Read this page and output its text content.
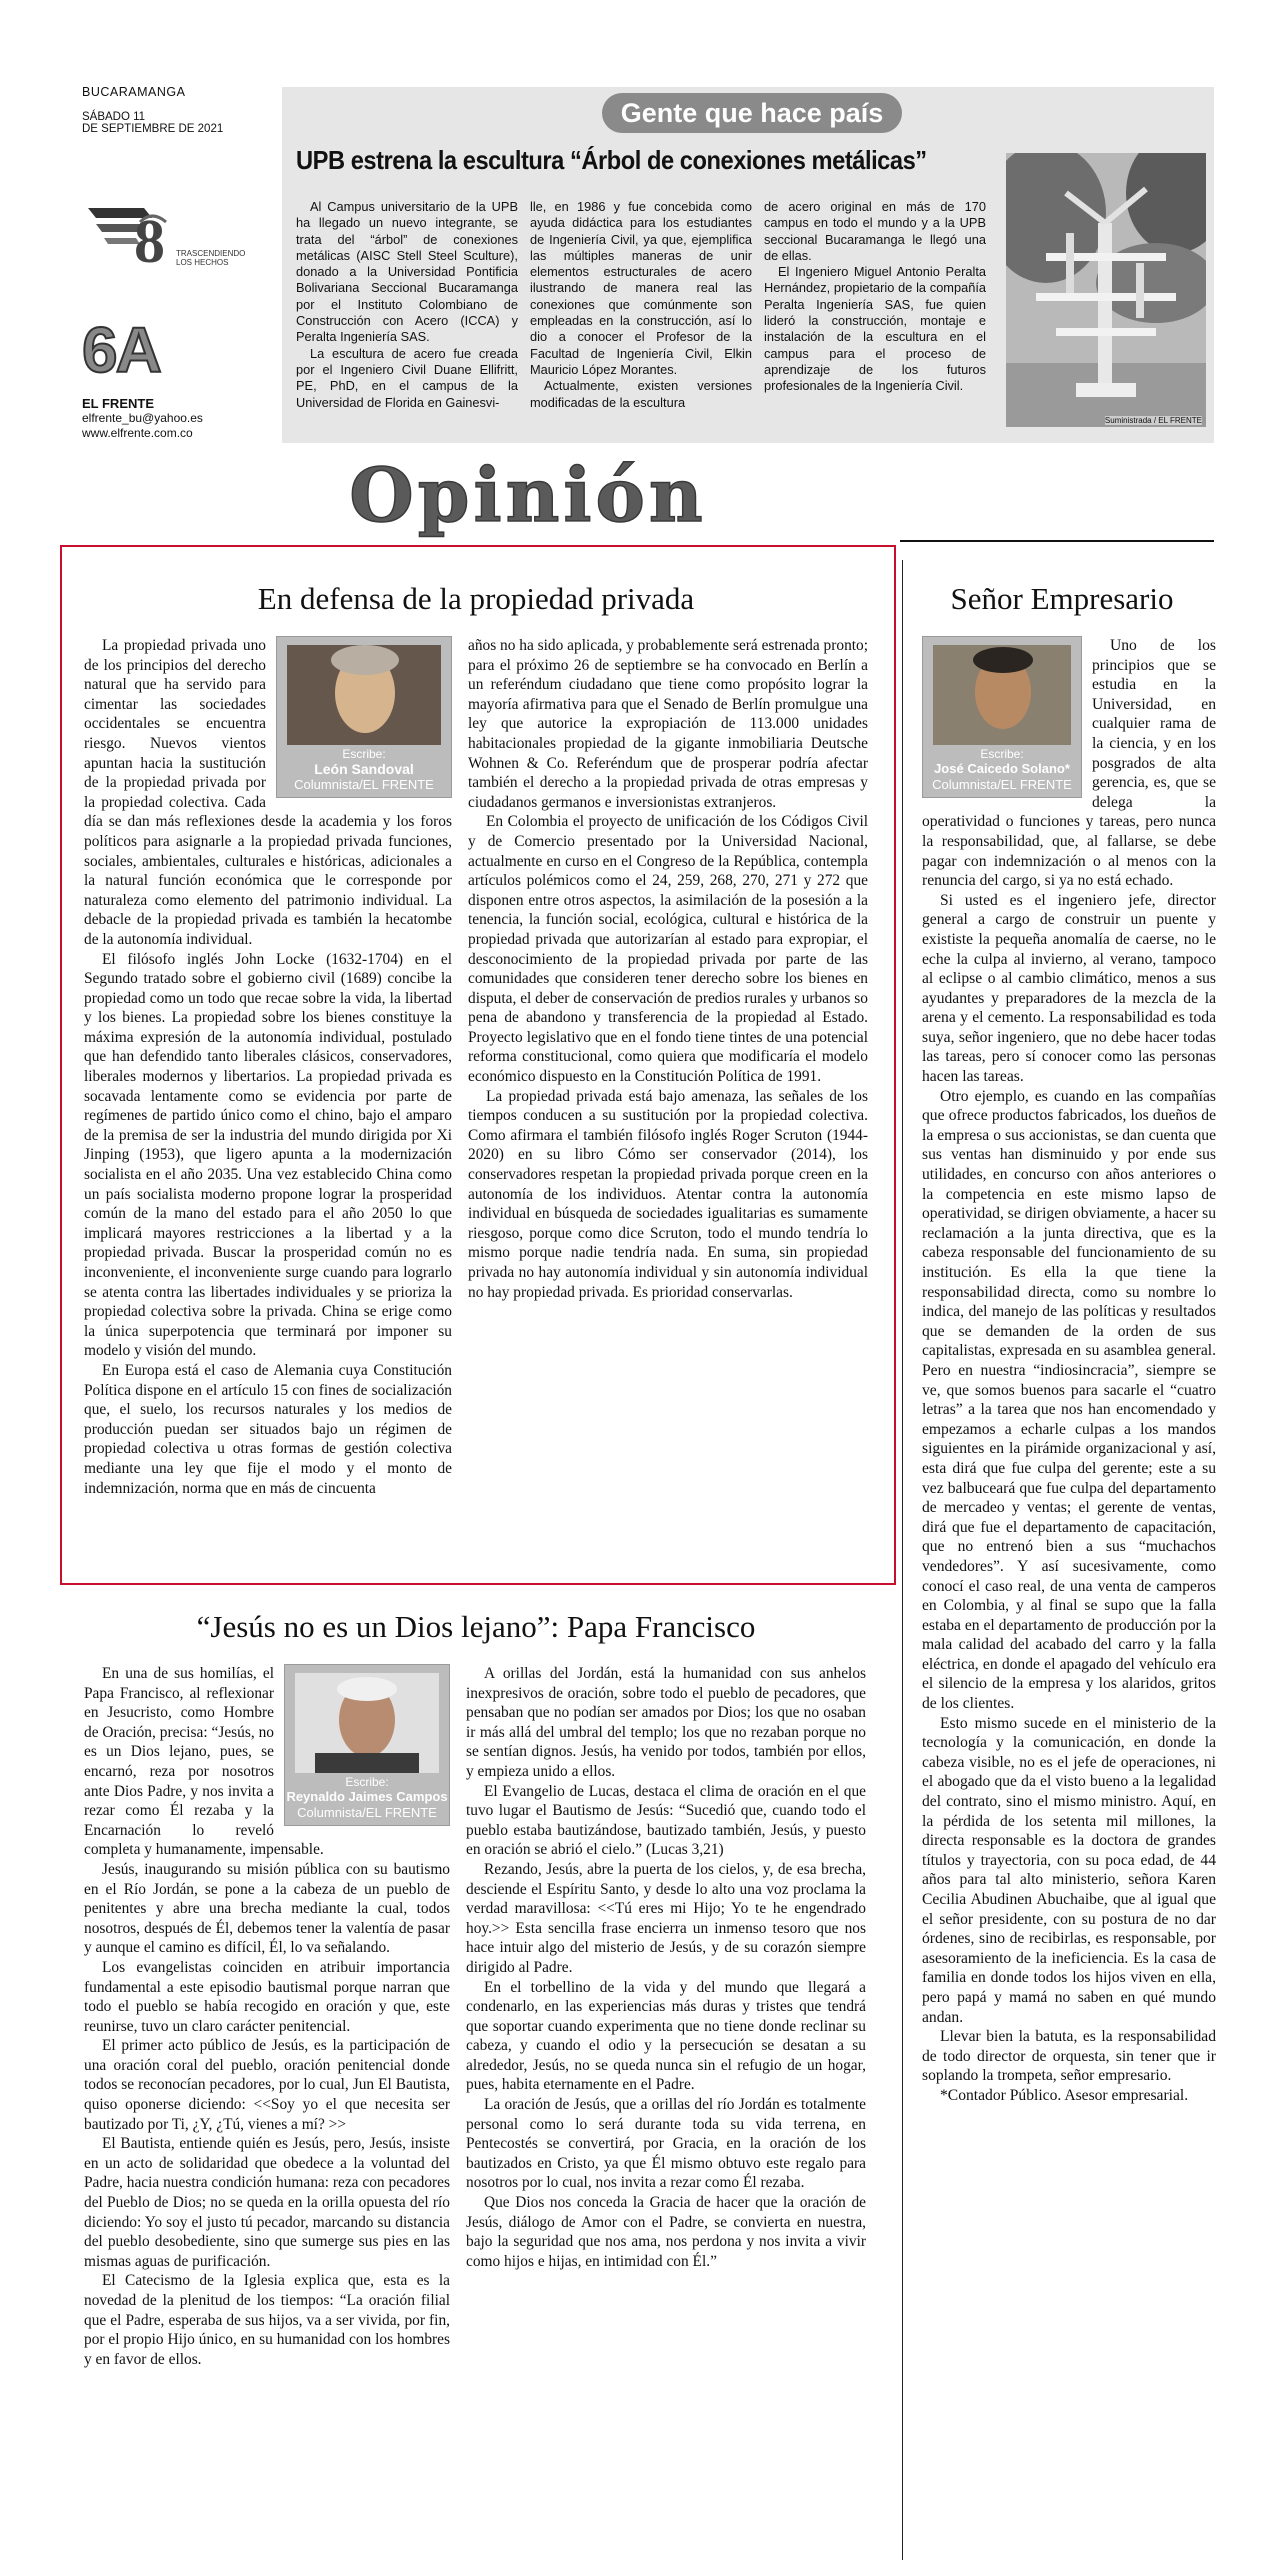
BUCARAMANGA
SÁBADO 11
DE SEPTIEMBRE DE 2021
8 TRASCENDIENDO
LOS HECHOS
6A
EL FRENTE
elfrente_bu@yahoo.es
www.elfrente.com.co
Gente que hace país
UPB estrena la escultura “Árbol de conexiones metálicas”

Al Campus universitario de la UPB ha llegado un nuevo integrante, se trata del “árbol” de conexiones metálicas (AISC Stell Steel Sculture), donado a la Universidad Pontificia Bolivariana Seccional Bucaramanga por el Instituto Colombiano de Construcción con Acero (ICCA) y Peralta Ingeniería SAS.

La escultura de acero fue creada por el Ingeniero Civil Duane Ellifritt, PE, PhD, en el campus de la Universidad de Florida en Gainesvi-

lle, en 1986 y fue concebida como ayuda didáctica para los estudiantes de Ingeniería Civil, ya que, ejemplifica las múltiples maneras de unir elementos estructurales de acero ilustrando de manera real las conexiones que comúnmente son empleadas en la construcción, así lo dio a conocer el Profesor de la Facultad de Ingeniería Civil, Elkin Mauricio López Morantes.

Actualmente, existen versiones modificadas de la escultura

de acero original en más de 170 campus en todo el mundo y a la UPB seccional Bucaramanga le llegó una de ellas.

El Ingeniero Miguel Antonio Peralta Hernández, propietario de la compañía Peralta Ingeniería SAS, fue quien lideró la construcción, montaje e instalación de la escultura en el campus para el proceso de aprendizaje de los futuros profesionales de la Ingeniería Civil.

Suministrada / EL FRENTE
Opinión
En defensa de la propiedad privada
Escribe:
León Sandoval
Columnista/EL FRENTE

La propiedad privada uno de los principios del derecho natural que ha servido para cimentar las sociedades occidentales se encuentra riesgo. Nuevos vientos apuntan hacia la sustitución de la propiedad privada por la propiedad colectiva. Cada día se dan más reflexiones desde la academia y los foros políticos para asignarle a la propiedad privada funciones, sociales, ambientales, culturales e históricas, adicionales a la natural función económica que le corresponde por naturaleza como elemento del patrimonio individual. La debacle de la propiedad privada es también la hecatombe de la autonomía individual.

El filósofo inglés John Locke (1632-1704) en el Segundo tratado sobre el gobierno civil (1689) concibe la propiedad como un todo que recae sobre la vida, la libertad y los bienes. La propiedad sobre los bienes constituye la máxima expresión de la autonomía individual, postulado que han defendido tanto liberales clásicos, conservadores, liberales modernos y libertarios. La propiedad privada es socavada lentamente como se evidencia por parte de regímenes de partido único como el chino, bajo el amparo de la premisa de ser la industria del mundo dirigida por Xi Jinping (1953), que ligero apunta a la modernización socialista en el año 2035. Una vez establecido China como un país socialista moderno propone lograr la prosperidad común de la mano del estado para el año 2050 lo que implicará mayores restricciones a la libertad y a la propiedad privada. Buscar la prosperidad común no es inconveniente, el inconveniente surge cuando para lograrlo se atenta contra las libertades individuales y se prioriza la propiedad colectiva sobre la privada. China se erige como la única superpotencia que terminará por imponer su modelo y visión del mundo.

En Europa está el caso de Alemania cuya Constitución Política dispone en el artículo 15 con fines de socialización que, el suelo, los recursos naturales y los medios de producción puedan ser situados bajo un régimen de propiedad colectiva u otras formas de gestión colectiva mediante una ley que fije el modo y el monto de indemnización, norma que en más de cincuenta

años no ha sido aplicada, y probablemente será estrenada pronto; para el próximo 26 de septiembre se ha convocado en Berlín a un referéndum ciudadano que tiene como propósito lograr la mayoría afirmativa para que el Senado de Berlín promulgue una ley que autorice la expropiación de 113.000 unidades habitacionales propiedad de la gigante inmobiliaria Deutsche Wohnen & Co. Referéndum que de prosperar podría afectar también el derecho a la propiedad privada de otras empresas y ciudadanos germanos e inversionistas extranjeros.

En Colombia el proyecto de unificación de los Códigos Civil y de Comercio presentado por la Universidad Nacional, actualmente en curso en el Congreso de la República, contempla artículos polémicos como el 24, 259, 268, 270, 271 y 272 que disponen entre otros aspectos, la asimilación de la posesión a la tenencia, la función social, ecológica, cultural e histórica de la propiedad privada que autorizarían al estado para expropiar, el desconocimiento de la propiedad privada por parte de las comunidades que consideren tener derecho sobre los bienes en disputa, el deber de conservación de predios rurales y urbanos so pena de abandono y transferencia de la propiedad al Estado. Proyecto legislativo que en el fondo tiene tintes de una potencial reforma constitucional, como quiera que modificaría el modelo económico dispuesto en la Constitución Política de 1991.

La propiedad privada está bajo amenaza, las señales de los tiempos conducen a su sustitución por la propiedad colectiva. Como afirmara el también filósofo inglés Roger Scruton (1944-2020) en su libro Cómo ser conservador (2014), los conservadores respetan la propiedad privada porque creen en la autonomía de los individuos. Atentar contra la autonomía individual en búsqueda de sociedades igualitarias es sumamente riesgoso, porque como dice Scruton, todo el mundo tendría lo mismo porque nadie tendría nada. En suma, sin propiedad privada no hay autonomía individual y sin autonomía individual no hay propiedad privada. Es prioridad conservarlas.

Señor Empresario
Escribe:
José Caicedo Solano*
Columnista/EL FRENTE

Uno de los principios que se estudia en la Universidad, en cualquier rama de la ciencia, y en los posgrados de alta gerencia, es, que se delega la operatividad o funciones y tareas, pero nunca la responsabilidad, que, al fallarse, se debe pagar con indemnización o al menos con la renuncia del cargo, si ya no está echado.

Si usted es el ingeniero jefe, director general a cargo de construir un puente y exististe la pequeña anomalía de caerse, no le eche la culpa al invierno, al verano, tampoco al eclipse o al cambio climático, menos a sus ayudantes y preparadores de la mezcla de la arena y el cemento. La responsabilidad es toda suya, señor ingeniero, que no debe hacer todas las tareas, pero sí conocer como las personas hacen las tareas.

Otro ejemplo, es cuando en las compañías que ofrece productos fabricados, los dueños de la empresa o sus accionistas, se dan cuenta que sus ventas han disminuido y por ende sus utilidades, en concurso con años anteriores o la competencia en este mismo lapso de operatividad, se dirigen obviamente, a hacer su reclamación a la junta directiva, que es la cabeza responsable del funcionamiento de su institución. Es ella la que tiene la responsabilidad directa, como su nombre lo indica, del manejo de las políticas y resultados que se demanden de la orden de sus capitalistas, expresada en su asamblea general. Pero en nuestra “indiosincracia”, siempre se ve, que somos buenos para sacarle el “cuatro letras” a la tarea que nos han encomendado y empezamos a echarle culpas a los mandos siguientes en la pirámide organizacional y así, esta dirá que fue culpa del gerente; este a su vez balbuceará que fue culpa del departamento de mercadeo y ventas; el gerente de ventas, dirá que fue el departamento de capacitación, que no entrenó bien a sus “muchachos vendedores”. Y así sucesivamente, como conocí el caso real, de una venta de camperos en Colombia, y al final se supo que la falla estaba en el departamento de producción por la mala calidad del acabado del carro y la falla eléctrica, en donde el apagado del vehículo era el silencio de la empresa y los alaridos, gritos de los clientes.

Esto mismo sucede en el ministerio de la tecnología y la comunicación, en donde la cabeza visible, no es el jefe de operaciones, ni el abogado que da el visto bueno a la legalidad del contrato, sino el mismo ministro. Aquí, en la pérdida de los setenta mil millones, la directa responsable es la doctora de grandes títulos y trayectoria, con su poca edad, de 44 años para tal alto ministerio, señora Karen Cecilia Abudinen Abuchaibe, que al igual que el señor presidente, con su postura de no dar órdenes, sino de recibirlas, es responsable, por asesoramiento de la ineficiencia. Es la casa de familia en donde todos los hijos viven en ella, pero papá y mamá no saben en qué mundo andan.

Llevar bien la batuta, es la responsabilidad de todo director de orquesta, sin tener que ir soplando la trompeta, señor empresario.

*Contador Público. Asesor empresarial.

“Jesús no es un Dios lejano”: Papa Francisco
Escribe:
Reynaldo Jaimes Campos
Columnista/EL FRENTE

En una de sus homilías, el Papa Francisco, al reflexionar en Jesucristo, como Hombre de Oración, precisa: “Jesús, no es un Dios lejano, pues, se encarnó, reza por nosotros ante Dios Padre, y nos invita a rezar como Él rezaba y la Encarnación lo reveló completa y humanamente, impensable.

Jesús, inaugurando su misión pública con su bautismo en el Río Jordán, se pone a la cabeza de un pueblo de penitentes y abre una brecha mediante la cual, todos nosotros, después de Él, debemos tener la valentía de pasar y aunque el camino es difícil, Él, lo va señalando.

Los evangelistas coinciden en atribuir importancia fundamental a este episodio bautismal porque narran que todo el pueblo se había recogido en oración y que, este reunirse, tuvo un claro carácter penitencial.

El primer acto público de Jesús, es la participación de una oración coral del pueblo, oración penitencial donde todos se reconocían pecadores, por lo cual, Jun El Bautista, quiso oponerse diciendo: <<Soy yo el que necesita ser bautizado por Ti, ¿Y, ¿Tú, vienes a mí? >>

El Bautista, entiende quién es Jesús, pero, Jesús, insiste en un acto de solidaridad que obedece a la voluntad del Padre, hacia nuestra condición humana: reza con pecadores del Pueblo de Dios; no se queda en la orilla opuesta del río diciendo: Yo soy el justo tú pecador, marcando su distancia del pueblo desobediente, sino que sumerge sus pies en las mismas aguas de purificación.

El Catecismo de la Iglesia explica que, esta es la novedad de la plenitud de los tiempos: “La oración filial que el Padre, esperaba de sus hijos, va a ser vivida, por fin, por el propio Hijo único, en su humanidad con los hombres y en favor de ellos.

A orillas del Jordán, está la humanidad con sus anhelos inexpresivos de oración, sobre todo el pueblo de pecadores, que pensaban que no podían ser amados por Dios; los que no osaban ir más allá del umbral del templo; los que no rezaban porque no se sentían dignos. Jesús, ha venido por todos, también por ellos, y empieza unido a ellos.

El Evangelio de Lucas, destaca el clima de oración en el que tuvo lugar el Bautismo de Jesús: “Sucedió que, cuando todo el pueblo estaba bautizándose, bautizado también, Jesús, y puesto en oración se abrió el cielo.” (Lucas 3,21)

Rezando, Jesús, abre la puerta de los cielos, y, de esa brecha, desciende el Espíritu Santo, y desde lo alto una voz proclama la verdad maravillosa: <<Tú eres mi Hijo; Yo te he engendrado hoy.>> Esta sencilla frase encierra un inmenso tesoro que nos hace intuir algo del misterio de Jesús, y de su corazón siempre dirigido al Padre.

En el torbellino de la vida y del mundo que llegará a condenarlo, en las experiencias más duras y tristes que tendrá que soportar cuando experimenta que no tiene donde reclinar su cabeza, y cuando el odio y la persecución se desatan a su alrededor, Jesús, no se queda nunca sin el refugio de un hogar, pues, habita eternamente en el Padre.

La oración de Jesús, que a orillas del río Jordán es totalmente personal como lo será durante toda su vida terrena, en Pentecostés se convertirá, por Gracia, en la oración de los bautizados en Cristo, ya que Él mismo obtuvo este regalo para nosotros por lo cual, nos invita a rezar como Él rezaba.

Que Dios nos conceda la Gracia de hacer que la oración de Jesús, diálogo de Amor con el Padre, se convierta en nuestra, bajo la seguridad que nos ama, nos perdona y nos invita a vivir como hijos e hijas, en intimidad con Él.”
